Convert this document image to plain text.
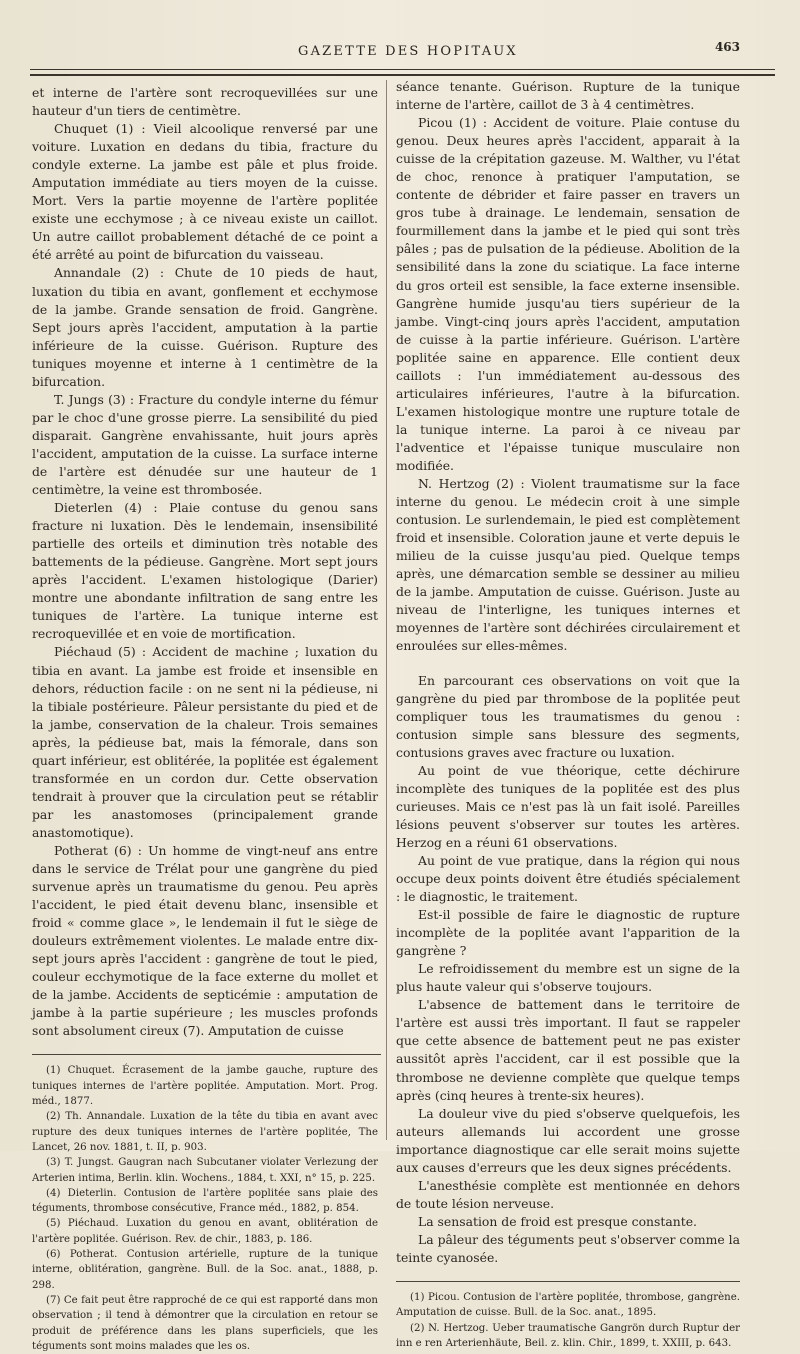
GAZETTE DES HOPITAUX	463

et interne de l'artère sont recroquevillées sur une hauteur d'un tiers de centimètre.

Chuquet (1) : Vieil alcoolique renversé par une voiture. Luxation en dedans du tibia, fracture du condyle externe. La jambe est pâle et plus froide. Amputation immédiate au tiers moyen de la cuisse. Mort. Vers la partie moyenne de l'artère poplitée existe une ecchymose ; à ce niveau existe un caillot. Un autre caillot probablement détaché de ce point a été arrêté au point de bifurcation du vaisseau.

Annandale (2) : Chute de 10 pieds de haut, luxation du tibia en avant, gonflement et ecchymose de la jambe. Grande sensation de froid. Gangrène. Sept jours après l'accident, amputation à la partie inférieure de la cuisse. Guérison. Rupture des tuniques moyenne et interne à 1 centimètre de la bifurcation.

T. Jungs (3) : Fracture du condyle interne du fémur par le choc d'une grosse pierre. La sensibilité du pied disparait. Gangrène envahissante, huit jours après l'accident, amputation de la cuisse. La surface interne de l'artère est dénudée sur une hauteur de 1 centimètre, la veine est thrombosée.

Dieterlen (4) : Plaie contuse du genou sans fracture ni luxation. Dès le lendemain, insensibilité partielle des orteils et diminution très notable des battements de la pédieuse. Gangrène. Mort sept jours après l'accident. L'examen histologique (Darier) montre une abondante infiltration de sang entre les tuniques de l'artère. La tunique interne est recroquevillée et en voie de mortification.

Piéchaud (5) : Accident de machine ; luxation du tibia en avant. La jambe est froide et insensible en dehors, réduction facile : on ne sent ni la pédieuse, ni la tibiale postérieure. Pâleur persistante du pied et de la jambe, conservation de la chaleur. Trois semaines après, la pédieuse bat, mais la fémorale, dans son quart inférieur, est oblitérée, la poplitée est également transformée en un cordon dur. Cette observation tendrait à prouver que la circulation peut se rétablir par les anastomoses (principalement grande anastomotique).

Potherat (6) : Un homme de vingt-neuf ans entre dans le service de Trélat pour une gangrène du pied survenue après un traumatisme du genou. Peu après l'accident, le pied était devenu blanc, insensible et froid « comme glace », le lendemain il fut le siège de douleurs extrêmement violentes. Le malade entre dix-sept jours après l'accident : gangrène de tout le pied, couleur ecchymotique de la face externe du mollet et de la jambe. Accidents de septicémie : amputation de jambe à la partie supérieure ; les muscles profonds sont absolument cireux (7). Amputation de cuisse

(1) Chuquet. Écrasement de la jambe gauche, rupture des tuniques internes de l'artère poplitée. Amputation. Mort. Prog. méd., 1877.

(2) Th. Annandale. Luxation de la tête du tibia en avant avec rupture des deux tuniques internes de l'artère poplitée, The Lancet, 26 nov. 1881, t. II, p. 903.

(3) T. Jungst. Gaugran nach Subcutaner violater Verlezung der Arterien intima, Berlin. klin. Wochens., 1884, t. XXI, n° 15, p. 225.

(4) Dieterlin. Contusion de l'artère poplitée sans plaie des téguments, thrombose consécutive, France méd., 1882, p. 854.

(5) Piéchaud. Luxation du genou en avant, oblitération de l'artère poplitée. Guérison. Rev. de chir., 1883, p. 186.

(6) Potherat. Contusion artérielle, rupture de la tunique interne, oblitération, gangrène. Bull. de la Soc. anat., 1888, p. 298.

(7) Ce fait peut être rapproché de ce qui est rapporté dans mon observation ; il tend à démontrer que la circulation en retour se produit de préférence dans les plans superficiels, que les téguments sont moins malades que les os.

séance tenante. Guérison. Rupture de la tunique interne de l'artère, caillot de 3 à 4 centimètres.

Picou (1) : Accident de voiture. Plaie contuse du genou. Deux heures après l'accident, apparait à la cuisse de la crépitation gazeuse. M. Walther, vu l'état de choc, renonce à pratiquer l'amputation, se contente de débrider et faire passer en travers un gros tube à drainage. Le lendemain, sensation de fourmillement dans la jambe et le pied qui sont très pâles ; pas de pulsation de la pédieuse. Abolition de la sensibilité dans la zone du sciatique. La face interne du gros orteil est sensible, la face externe insensible. Gangrène humide jusqu'au tiers supérieur de la jambe. Vingt-cinq jours après l'accident, amputation de cuisse à la partie inférieure. Guérison. L'artère poplitée saine en apparence. Elle contient deux caillots : l'un immédiatement au-dessous des articulaires inférieures, l'autre à la bifurcation. L'examen histologique montre une rupture totale de la tunique interne. La paroi à ce niveau par l'adventice et l'épaisse tunique musculaire non modifiée.

N. Hertzog (2) : Violent traumatisme sur la face interne du genou. Le médecin croit à une simple contusion. Le surlendemain, le pied est complètement froid et insensible. Coloration jaune et verte depuis le milieu de la cuisse jusqu'au pied. Quelque temps après, une démarcation semble se dessiner au milieu de la jambe. Amputation de cuisse. Guérison. Juste au niveau de l'interligne, les tuniques internes et moyennes de l'artère sont déchirées circulairement et enroulées sur elles-mêmes.

En parcourant ces observations on voit que la gangrène du pied par thrombose de la poplitée peut compliquer tous les traumatismes du genou : contusion simple sans blessure des segments, contusions graves avec fracture ou luxation.

Au point de vue théorique, cette déchirure incomplète des tuniques de la poplitée est des plus curieuses. Mais ce n'est pas là un fait isolé. Pareilles lésions peuvent s'observer sur toutes les artères. Herzog en a réuni 61 observations.

Au point de vue pratique, dans la région qui nous occupe deux points doivent être étudiés spécialement : le diagnostic, le traitement.

Est-il possible de faire le diagnostic de rupture incomplète de la poplitée avant l'apparition de la gangrène ?

Le refroidissement du membre est un signe de la plus haute valeur qui s'observe toujours.

L'absence de battement dans le territoire de l'artère est aussi très important. Il faut se rappeler que cette absence de battement peut ne pas exister aussitôt après l'accident, car il est possible que la thrombose ne devienne complète que quelque temps après (cinq heures à trente-six heures).

La douleur vive du pied s'observe quelquefois, les auteurs allemands lui accordent une grosse importance diagnostique car elle serait moins sujette aux causes d'erreurs que les deux signes précédents.

L'anesthésie complète est mentionnée en dehors de toute lésion nerveuse.

La sensation de froid est presque constante.

La pâleur des téguments peut s'observer comme la teinte cyanosée.

(1) Picou. Contusion de l'artère poplitée, thrombose, gangrène. Amputation de cuisse. Bull. de la Soc. anat., 1895.

(2) N. Hertzog. Ueber traumatische Gangrön durch Ruptur der inn e ren Arterienhäute, Beil. z. klin. Chir., 1899, t. XXIII, p. 643.
